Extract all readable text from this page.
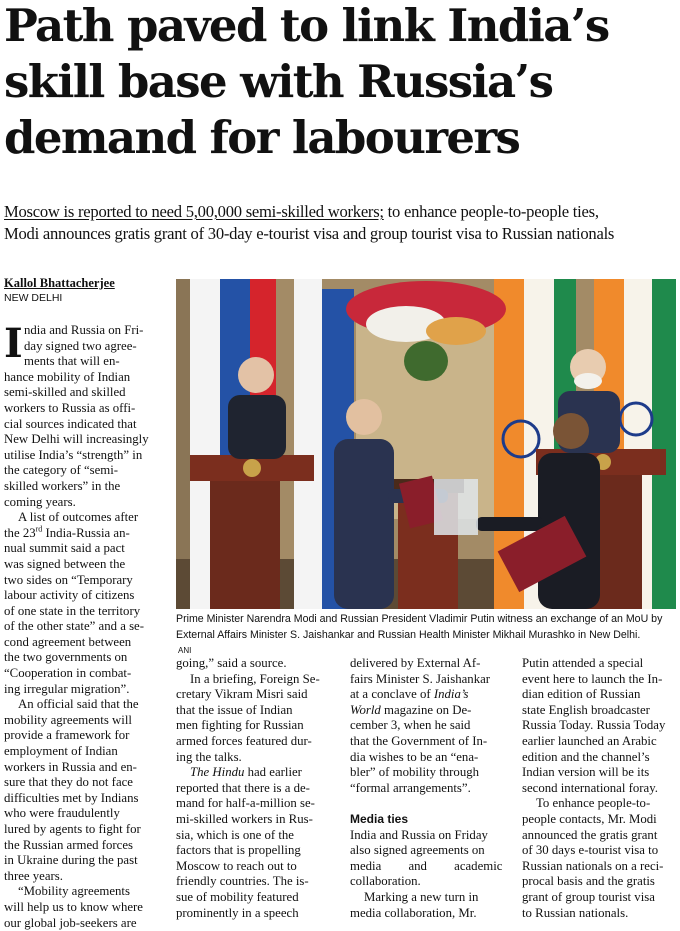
Path paved to link India’s
skill base with Russia’s
demand for labourers
Moscow is reported to need 5,00,000 semi-skilled workers; to enhance people-to-people ties,
Modi announces gratis grant of 30-day e-tourist visa and group tourist visa to Russian nationals
Kallol Bhattacherjee
NEW DELHI
I ndia and Russia on Fri-
day signed two agree-
ments that will en-
hance mobility of Indian
semi-skilled and skilled
workers to Russia as offi-
cial sources indicated that
New Delhi will increasingly
utilise India’s “strength” in
the category of “semi-
skilled workers” in the
coming years.
A list of outcomes after
the 23rd India-Russia an-
nual summit said a pact
was signed between the
two sides on “Temporary
labour activity of citizens
of one state in the territory
of the other state” and a se-
cond agreement between
the two governments on
“Cooperation in combat-
ing irregular migration”.
An official said that the
mobility agreements will
provide a framework for
employment of Indian
workers in Russia and en-
sure that they do not face
difficulties met by Indians
who were fraudulently
lured by agents to fight for
the Russian armed forces
in Ukraine during the past
three years.
“Mobility agreements
will help us to know where
our global job-seekers are
Prime Minister Narendra Modi and Russian President Vladimir Putin witness an exchange of an MoU by
External Affairs Minister S. Jaishankar and Russian Health Minister Mikhail Murashko in New Delhi.
ANI
going,” said a source.
In a briefing, Foreign Se-
cretary Vikram Misri said
that the issue of Indian
men fighting for Russian
armed forces featured dur-
ing the talks.
The Hindu had earlier
reported that there is a de-
mand for half-a-million se-
mi-skilled workers in Rus-
sia, which is one of the
factors that is propelling
Moscow to reach out to
friendly countries. The is-
sue of mobility featured
prominently in a speech
delivered by External Af-
fairs Minister S. Jaishankar
at a conclave of India’s
World magazine on De-
cember 3, when he said
that the Government of In-
dia wishes to be an “ena-
bler” of mobility through
“formal arrangements”.
Media ties
India and Russia on Friday
also signed agreements on
media and academic
collaboration.
Marking a new turn in
media collaboration, Mr.
Putin attended a special
event here to launch the In-
dian edition of Russian
state English broadcaster
Russia Today. Russia Today
earlier launched an Arabic
edition and the channel’s
Indian version will be its
second international foray.
To enhance people-to-
people contacts, Mr. Modi
announced the gratis grant
of 30 days e-tourist visa to
Russian nationals on a reci-
procal basis and the gratis
grant of group tourist visa
to Russian nationals.
